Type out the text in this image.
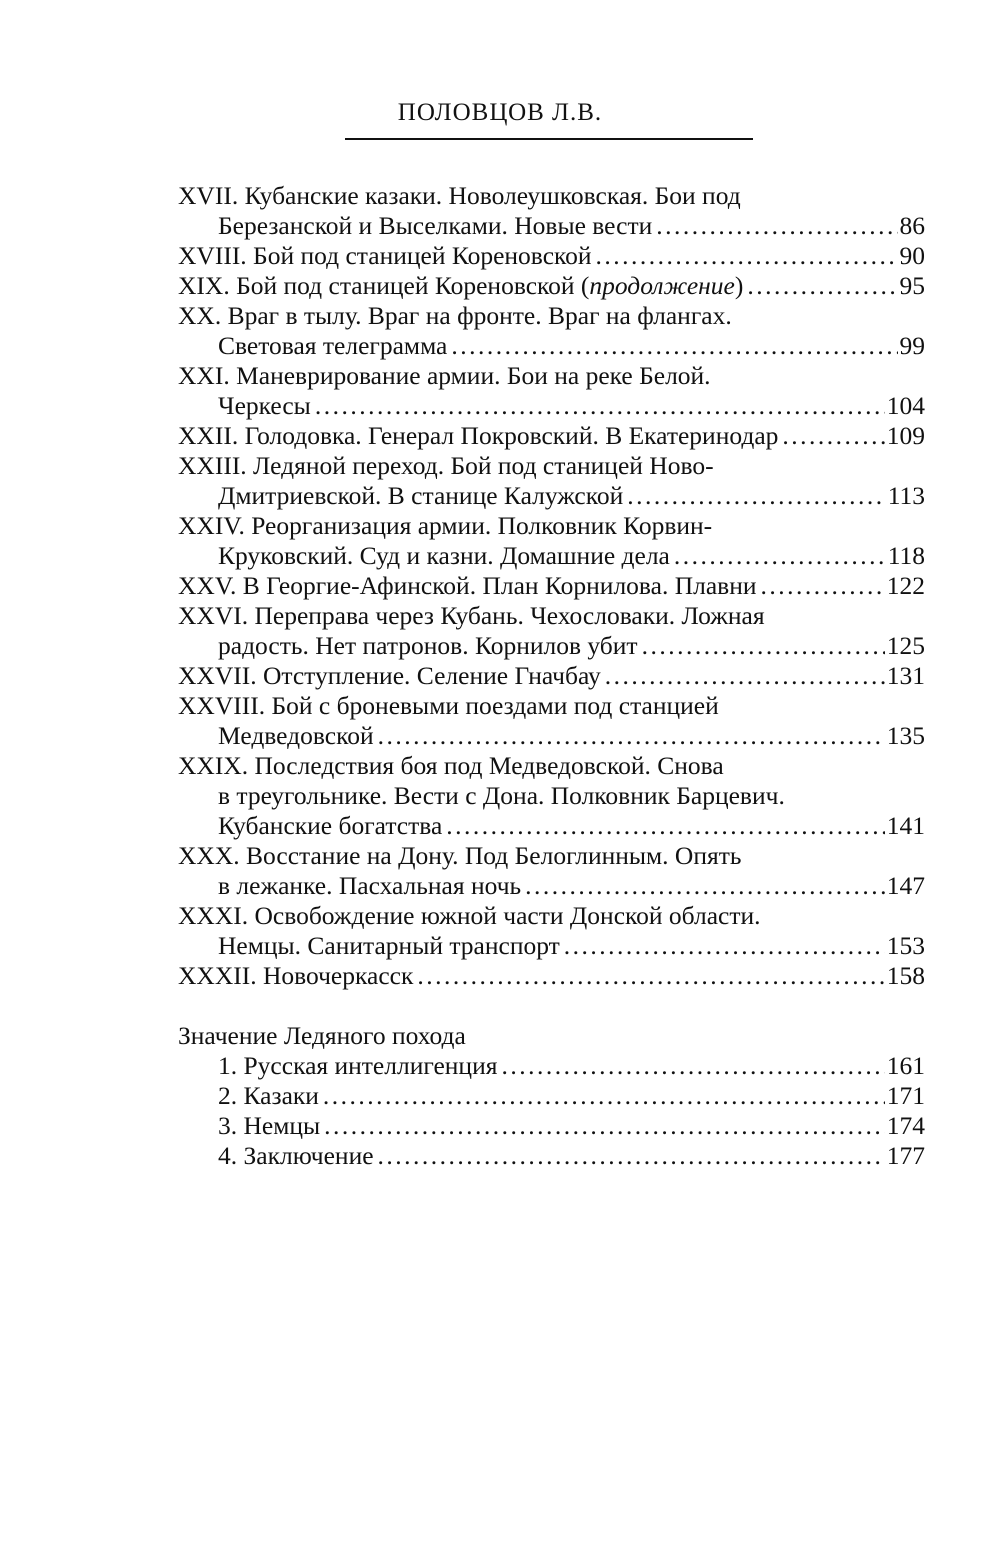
ПОЛОВЦОВ Л.В.
XVII. Кубанские казаки. Новолеушковская. Бои под
Березанской и Выселками. Новые вести .....	86
XVIII. Бой под станицей Кореновской .....	90
XIX. Бой под станицей Кореновской (продолжение) .....	95
XX. Враг в тылу. Враг на фронте. Враг на флангах.
Световая телеграмма .....	99
XXI. Маневрирование армии. Бои на реке Белой.
Черкесы .....	104
XXII. Голодовка. Генерал Покровский. В Екатеринодар .....	109
XXIII. Ледяной переход. Бой под станицей Ново-
Дмитриевской. В станице Калужской .....	113
XXIV. Реорганизация армии. Полковник Корвин-
Круковский. Суд и казни. Домашние дела .....	118
XXV. В Георгие-Афинской. План Корнилова. Плавни .....	122
XXVI. Переправа через Кубань. Чехословаки. Ложная
радость. Нет патронов. Корнилов убит .....	125
XXVII. Отступление. Селение Гначбау .....	131
XXVIII. Бой с броневыми поездами под станцией
Медведовской .....	135
XXIX. Последствия боя под Медведовской. Снова
в треугольнике. Вести с Дона. Полковник Барцевич.
Кубанские богатства .....	141
XXX. Восстание на Дону. Под Белоглинным. Опять
в лежанке. Пасхальная ночь .....	147
XXXI. Освобождение южной части Донской области.
Немцы. Санитарный транспорт .....	153
XXXII. Новочеркасск .....	158
Значение Ледяного похода
1. Русская интеллигенция .....	161
2. Казаки .....	171
3. Немцы .....	174
4. Заключение .....	177
